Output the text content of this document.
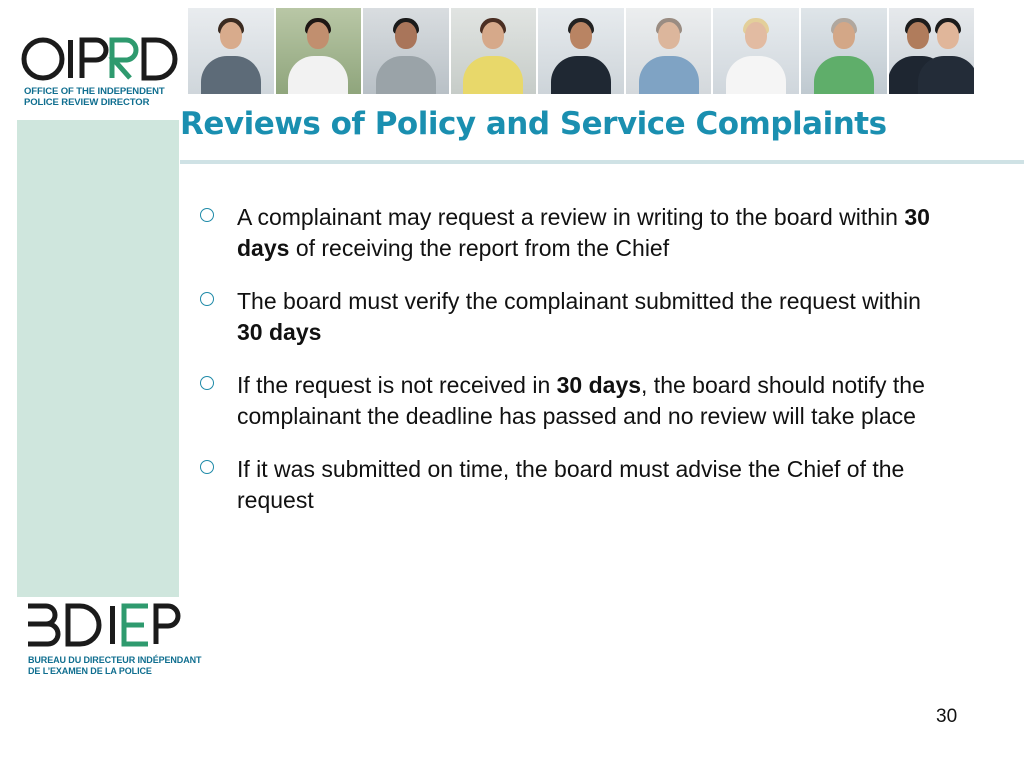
OFFICE OF THE INDEPENDENT
POLICE REVIEW DIRECTOR
Reviews of Policy and Service Complaints
A complainant may request a review in writing to the board within 30 days of receiving the report from the Chief
The board must verify the complainant submitted the request within 30 days
If the request is not received in 30 days, the board should notify the complainant the deadline has passed and no review will take place
If it was submitted on time, the board must advise the Chief of the request
BUREAU DU DIRECTEUR INDÉPENDANT
DE L’EXAMEN DE LA POLICE
30
